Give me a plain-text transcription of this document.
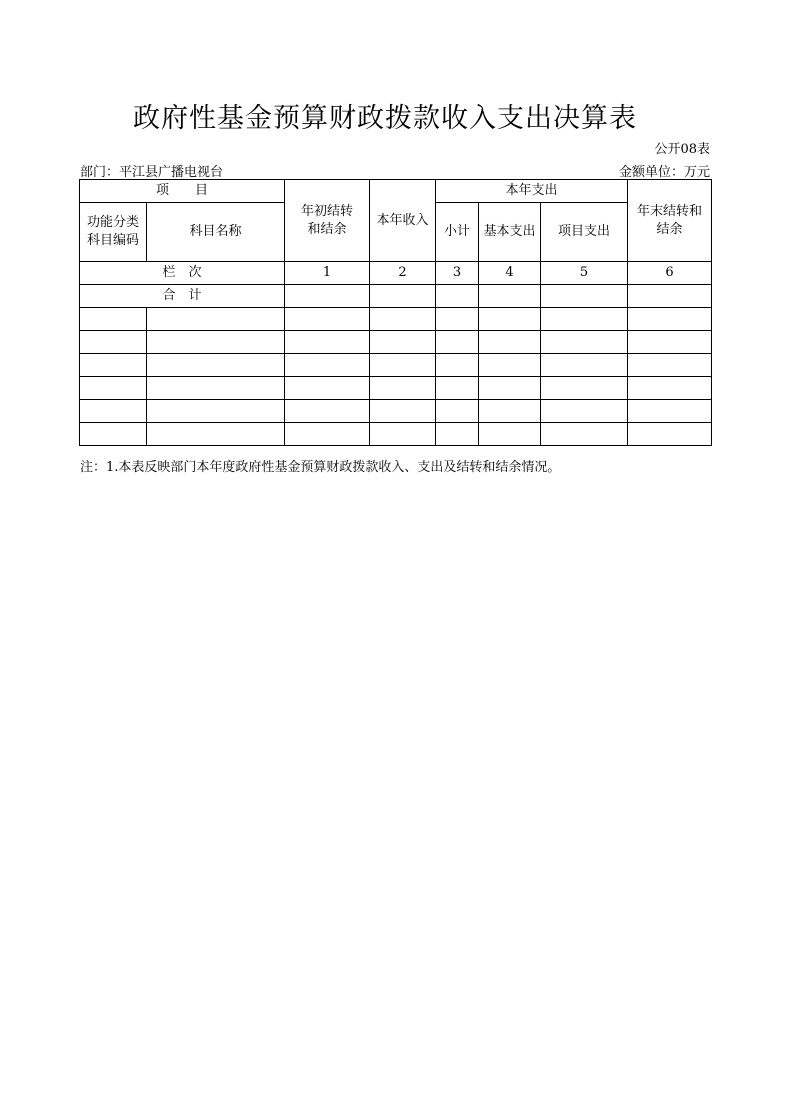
政府性基金预算财政拨款收入支出决算表
公开08表
部门：平江县广播电视台	金额单位：万元
项　　目		年初结转和结余	本年收入	本年支出			年末结转和结余

功能分类科目编码	科目名称			小计	基本支出	项目支出	
栏　次		1	2	3	4	5	6
合　计							

注：1.本表反映部门本年度政府性基金预算财政拨款收入、支出及结转和结余情况。
